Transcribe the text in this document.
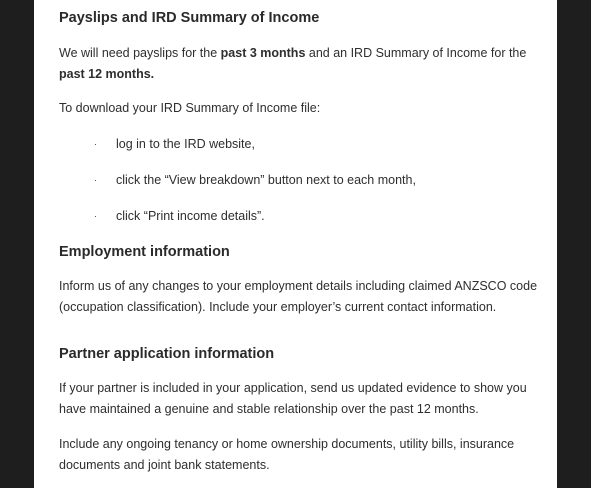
Payslips and IRD Summary of Income

We will need payslips for the past 3 months and an IRD Summary of Income for the past 12 months.

To download your IRD Summary of Income file:

· log in to the IRD website,
· click the “View breakdown” button next to each month,
· click “Print income details”.
Employment information

Inform us of any changes to your employment details including claimed ANZSCO code (occupation classification). Include your employer’s current contact information.

Partner application information

If your partner is included in your application, send us updated evidence to show you have maintained a genuine and stable relationship over the past 12 months.

Include any ongoing tenancy or home ownership documents, utility bills, insurance documents and joint bank statements.
